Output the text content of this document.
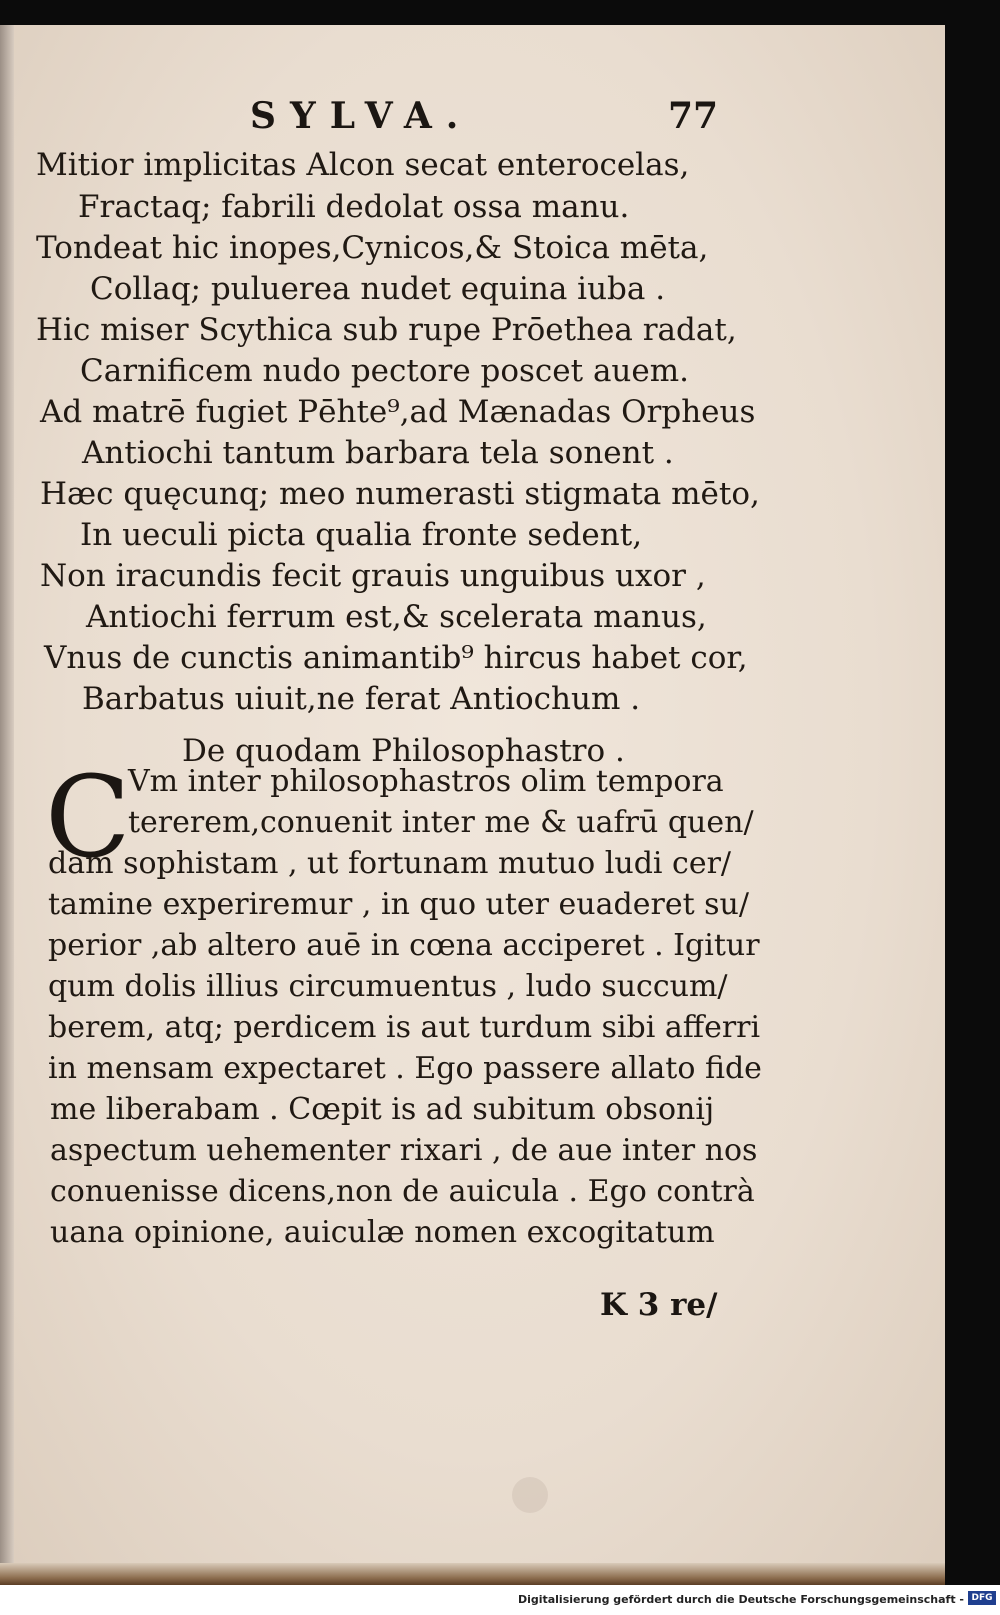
SYLVA.	77
Mitior implicitas Alcon secat enterocelas,
Fractaq; fabrili dedolat ossa manu.
Tondeat hic inopes,Cynicos,& Stoica mēta,
Collaq; puluerea nudet equina iuba .
Hic miser Scythica sub rupe Prōethea radat,
Carnificem nudo pectore poscet auem.
Ad matrē fugiet Pēhte⁹,ad Mænadas Orpheus
Antiochi tantum barbara tela sonent .
Hæc quęcunq; meo numerasti stigmata mēto,
In ueculi picta qualia fronte sedent,
Non iracundis fecit grauis unguibus uxor ,
Antiochi ferrum est,& scelerata manus,
Vnus de cunctis animantib⁹ hircus habet cor,
Barbatus uiuit,ne ferat Antiochum .
De quodam Philosophastro .
C
Vm inter philosophastros olim tempora
tererem,conuenit inter me & uafrū quen/
dam sophistam , ut fortunam mutuo ludi cer/
tamine experiremur , in quo uter euaderet su/
perior ,ab altero auē in cœna acciperet . Igitur
qum dolis illius circumuentus , ludo succum/
berem, atq; perdicem is aut turdum sibi afferri
in mensam expectaret . Ego passere allato fide
me liberabam . Cœpit is ad subitum obsonij
aspectum uehementer rixari , de aue inter nos
conuenisse dicens,non de auicula . Ego contrà
uana opinione, auiculæ nomen excogitatum
K 3 re/
Digitalisierung gefördert durch die Deutsche Forschungsgemeinschaft - DFG
